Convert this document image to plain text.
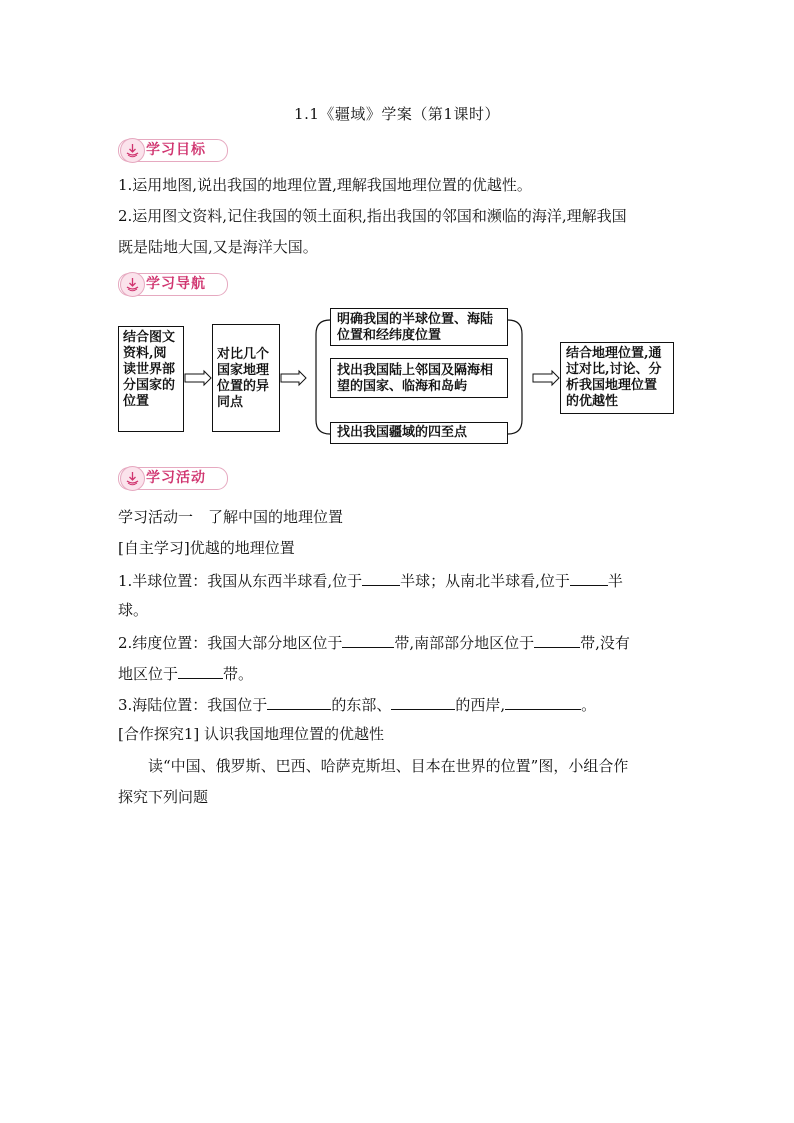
1.1《疆域》学案（第1课时）
学习目标
1.运用地图,说出我国的地理位置,理解我国地理位置的优越性。
2.运用图文资料,记住我国的领土面积,指出我国的邻国和濒临的海洋,理解我国
既是陆地大国,又是海洋大国。
学习导航
结合图文资料,阅读世界部分国家的位置
对比几个国家地理位置的异同点
明确我国的半球位置、海陆位置和经纬度位置
找出我国陆上邻国及隔海相望的国家、临海和岛屿
找出我国疆域的四至点
结合地理位置,通过对比,讨论、分析我国地理位置的优越性
学习活动
学习活动一　了解中国的地理位置
[自主学习]优越的地理位置
1.半球位置：我国从东西半球看,位于	半球；从南北半球看,位于	半
球。
2.纬度位置：我国大部分地区位于	带,南部部分地区位于	带,没有
地区位于	带。
3.海陆位置：我国位于	的东部、	的西岸,	。
[合作探究1] 认识我国地理位置的优越性
读“中国、俄罗斯、巴西、哈萨克斯坦、目本在世界的位置”图，小组合作
探究下列问题
